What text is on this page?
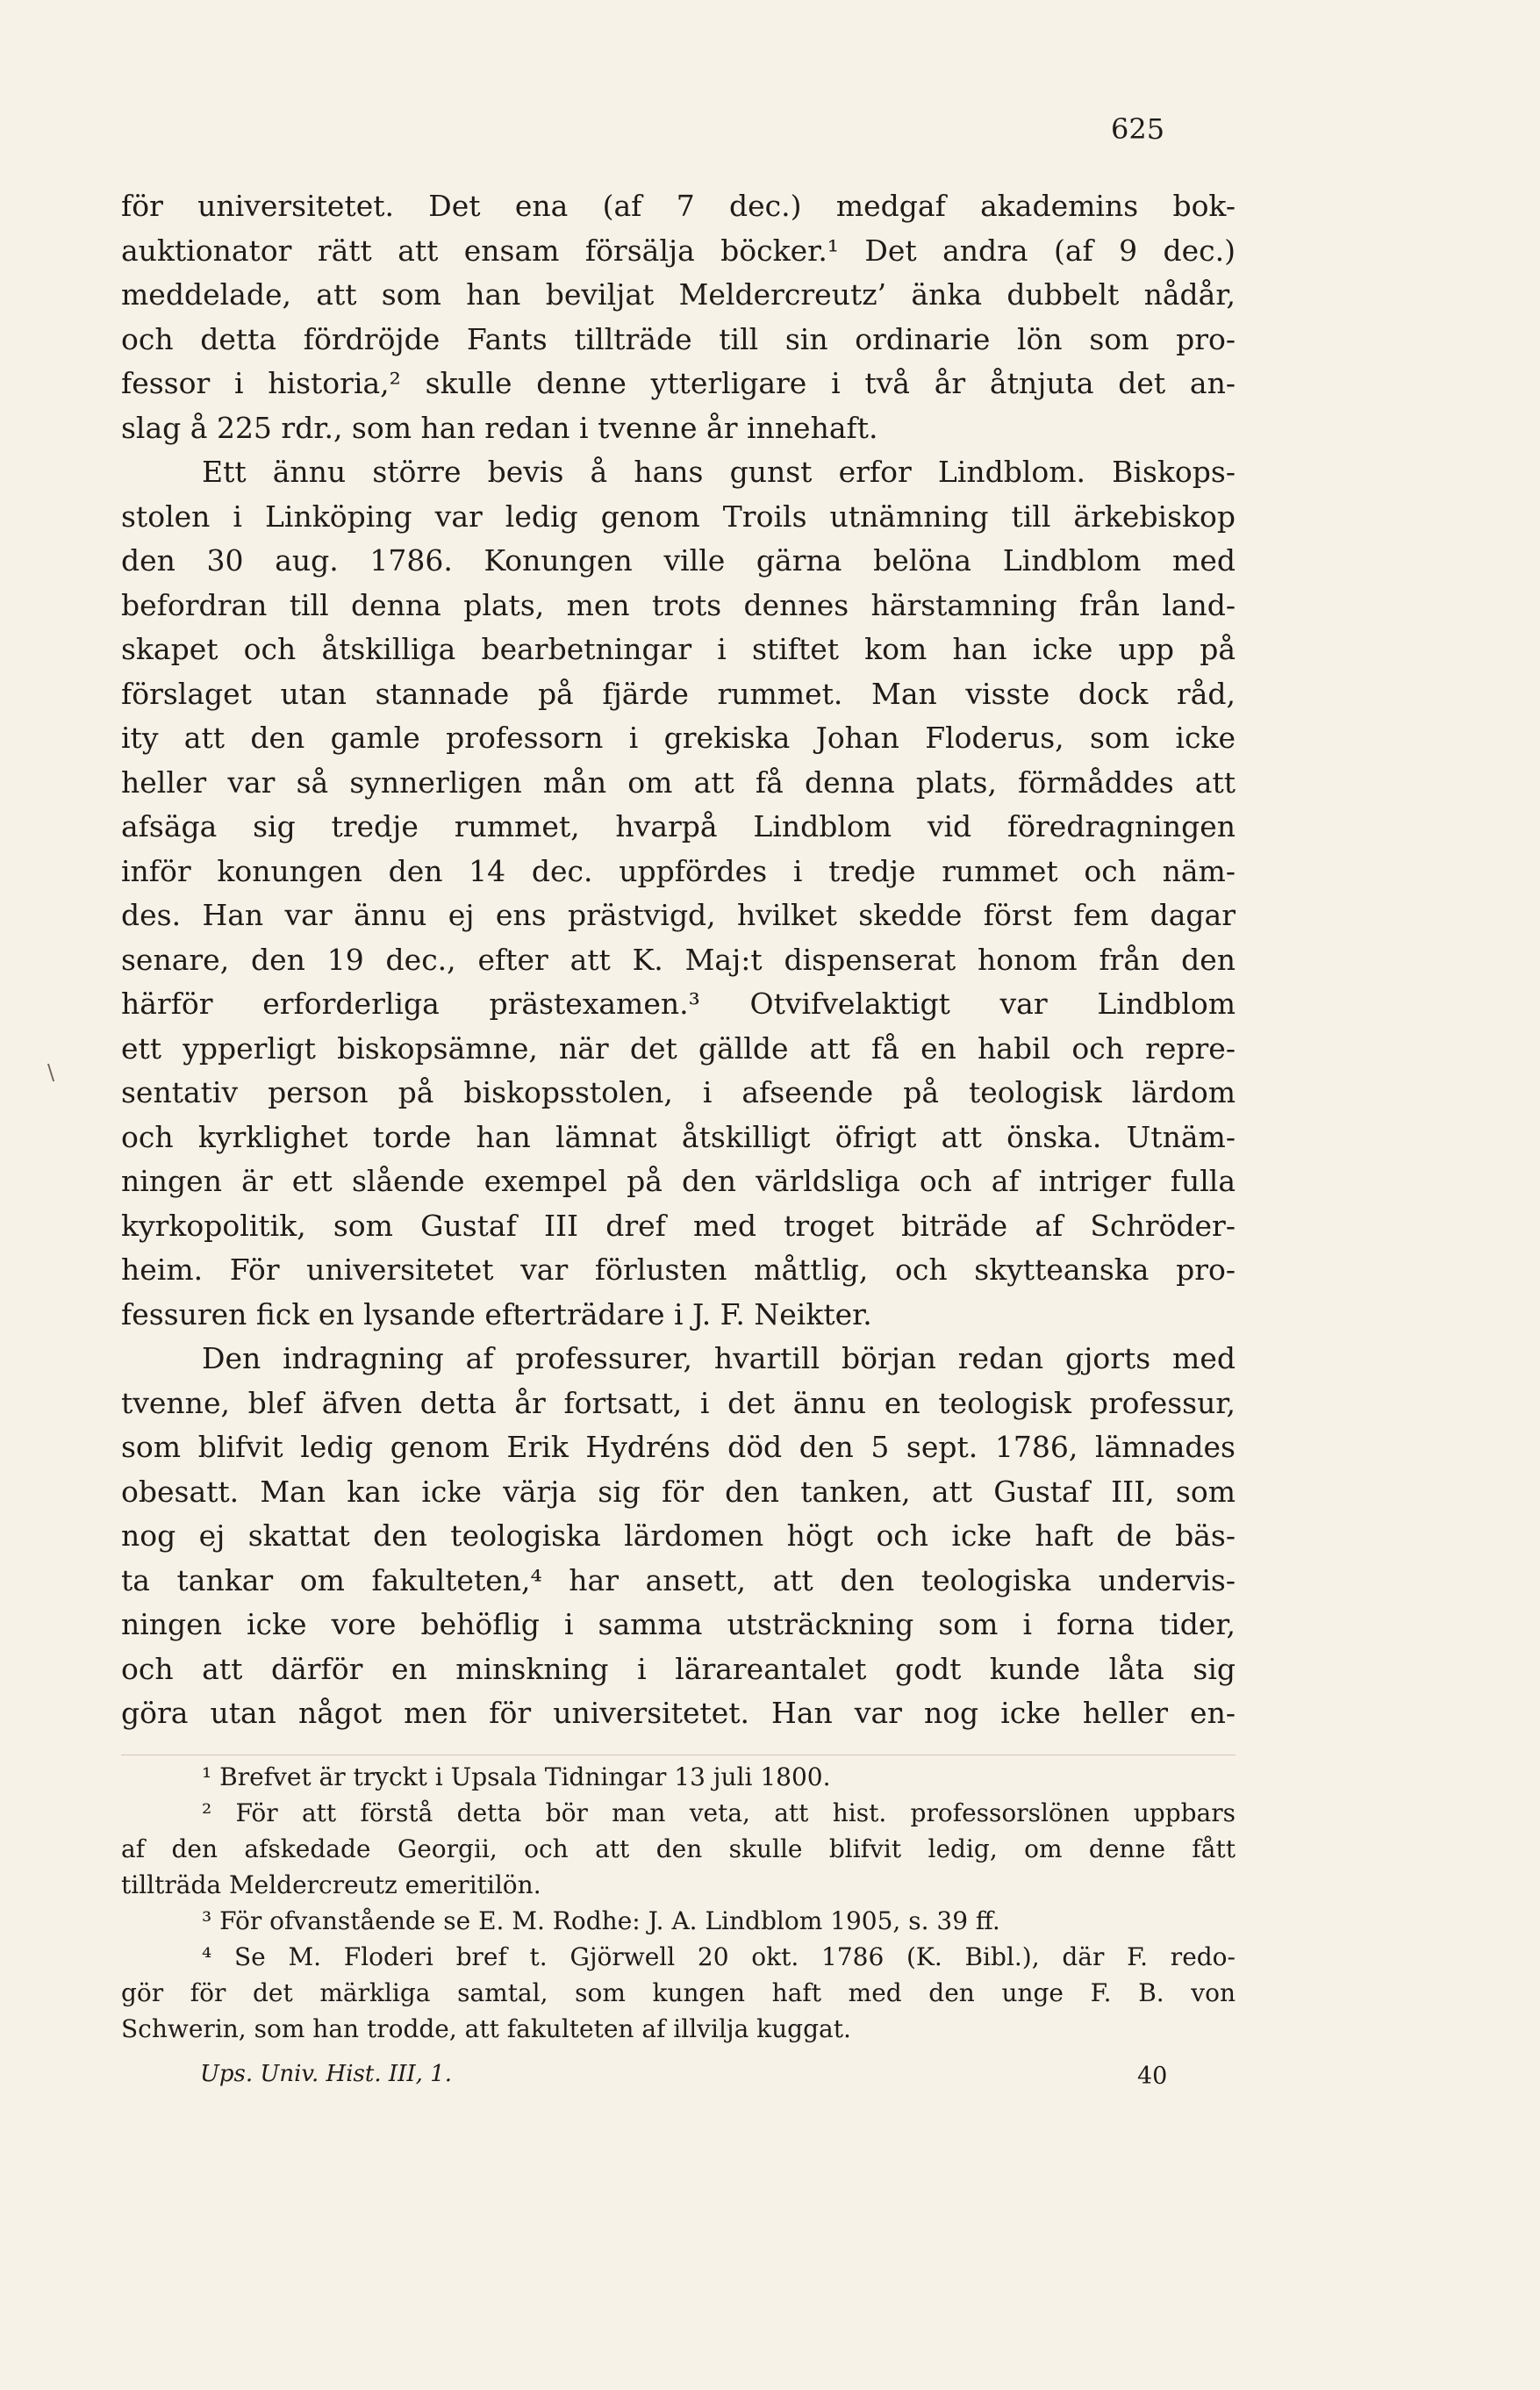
625
\
för universitetet. Det ena (af 7 dec.) medgaf akademins bok-
auktionator rätt att ensam försälja böcker.¹ Det andra (af 9 dec.)
meddelade, att som han beviljat Meldercreutz’ änka dubbelt nådår,
och detta fördröjde Fants tillträde till sin ordinarie lön som pro-
fessor i historia,² skulle denne ytterligare i två år åtnjuta det an-
slag å 225 rdr., som han redan i tvenne år innehaft.
Ett ännu större bevis å hans gunst erfor Lindblom. Biskops-
stolen i Linköping var ledig genom Troils utnämning till ärkebiskop
den 30 aug. 1786. Konungen ville gärna belöna Lindblom med
befordran till denna plats, men trots dennes härstamning från land-
skapet och åtskilliga bearbetningar i stiftet kom han icke upp på
förslaget utan stannade på fjärde rummet. Man visste dock råd,
ity att den gamle professorn i grekiska Johan Floderus, som icke
heller var så synnerligen mån om att få denna plats, förmåddes att
afsäga sig tredje rummet, hvarpå Lindblom vid föredragningen
inför konungen den 14 dec. uppfördes i tredje rummet och näm-
des. Han var ännu ej ens prästvigd, hvilket skedde först fem dagar
senare, den 19 dec., efter att K. Maj:t dispenserat honom från den
härför erforderliga prästexamen.³ Otvifvelaktigt var Lindblom
ett ypperligt biskopsämne, när det gällde att få en habil och repre-
sentativ person på biskopsstolen, i afseende på teologisk lärdom
och kyrklighet torde han lämnat åtskilligt öfrigt att önska. Utnäm-
ningen är ett slående exempel på den världsliga och af intriger fulla
kyrkopolitik, som Gustaf III dref med troget biträde af Schröder-
heim. För universitetet var förlusten måttlig, och skytteanska pro-
fessuren fick en lysande efterträdare i J. F. Neikter.
Den indragning af professurer, hvartill början redan gjorts med
tvenne, blef äfven detta år fortsatt, i det ännu en teologisk professur,
som blifvit ledig genom Erik Hydréns död den 5 sept. 1786, lämnades
obesatt. Man kan icke värja sig för den tanken, att Gustaf III, som
nog ej skattat den teologiska lärdomen högt och icke haft de bäs-
ta tankar om fakulteten,⁴ har ansett, att den teologiska undervis-
ningen icke vore behöflig i samma utsträckning som i forna tider,
och att därför en minskning i lärareantalet godt kunde låta sig
göra utan något men för universitetet. Han var nog icke heller en-
¹ Brefvet är tryckt i Upsala Tidningar 13 juli 1800.
² För att förstå detta bör man veta, att hist. professorslönen uppbars
af den afskedade Georgii, och att den skulle blifvit ledig, om denne fått
tillträda Meldercreutz emeritilön.
³ För ofvanstående se E. M. Rodhe: J. A. Lindblom 1905, s. 39 ff.
⁴ Se M. Floderi bref t. Gjörwell 20 okt. 1786 (K. Bibl.), där F. redo-
gör för det märkliga samtal, som kungen haft med den unge F. B. von
Schwerin, som han trodde, att fakulteten af illvilja kuggat.
Ups. Univ. Hist. III, 1.	40
